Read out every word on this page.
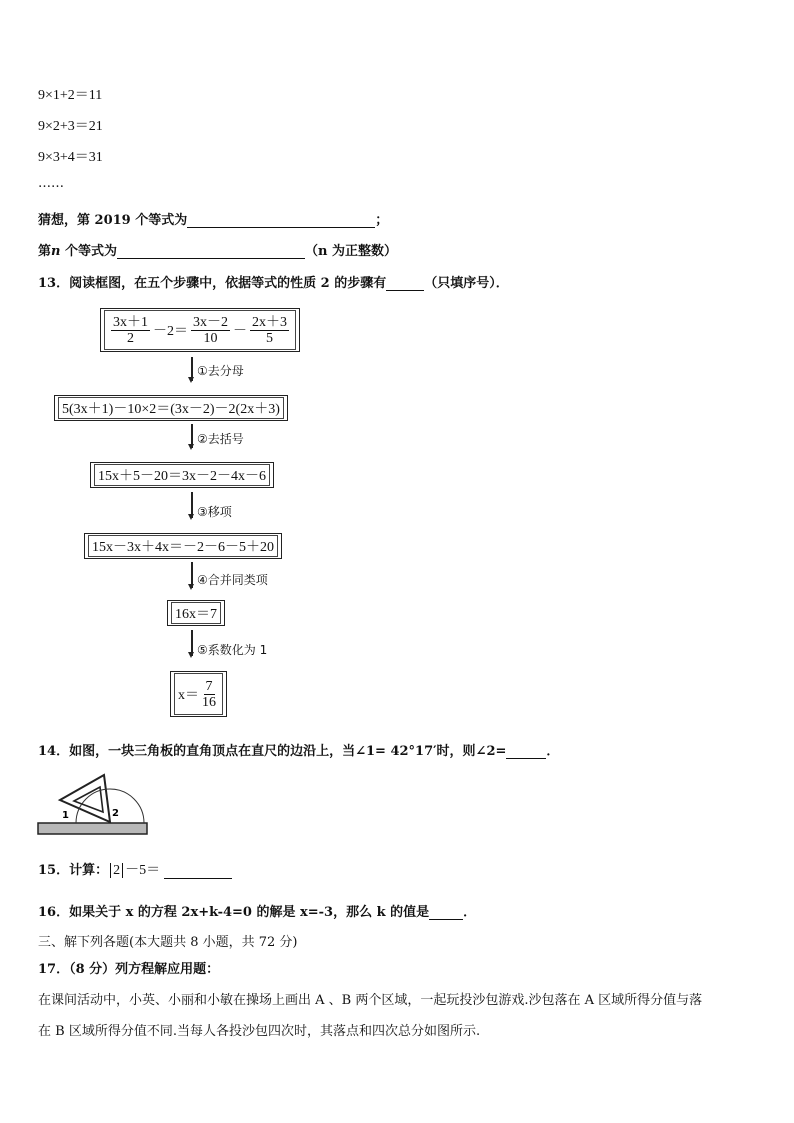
9×1+2＝11
9×2+3＝21
9×3+4＝31
……
猜想，第 2019 个等式为	；
第n 个等式为	（n 为正整数）
13．阅读框图，在五个步骤中，依据等式的性质 2 的步骤有	（只填序号）．
$\frac{3x+1}{2} -2= \frac{3x-2}{10} - \frac{2x+3}{5}$
①去分母
5(3x＋1)－10×2＝(3x－2)－2(2x＋3)
②去括号
15x＋5－20＝3x－2－4x－6
③移项
15x－3x＋4x＝－2－6－5＋20
④合并同类项
16x＝7
⑤系数化为 1
$x= \frac{7}{16}$
14．如图，一块三角板的直角顶点在直尺的边沿上，当∠1= 42°17′时，则∠2=	．
1	2
15．计算： 2 －5＝
16．如果关于 x 的方程 2x+k-4=0 的解是 x=-3，那么 k 的值是	．
三、解下列各题(本大题共 8 小题，共 72 分)
17．（8 分）列方程解应用题：
在课间活动中，小英、小丽和小敏在操场上画出 A 、B 两个区域，一起玩投沙包游戏.沙包落在 A 区域所得分值与落
在 B 区域所得分值不同.当每人各投沙包四次时，其落点和四次总分如图所示.
